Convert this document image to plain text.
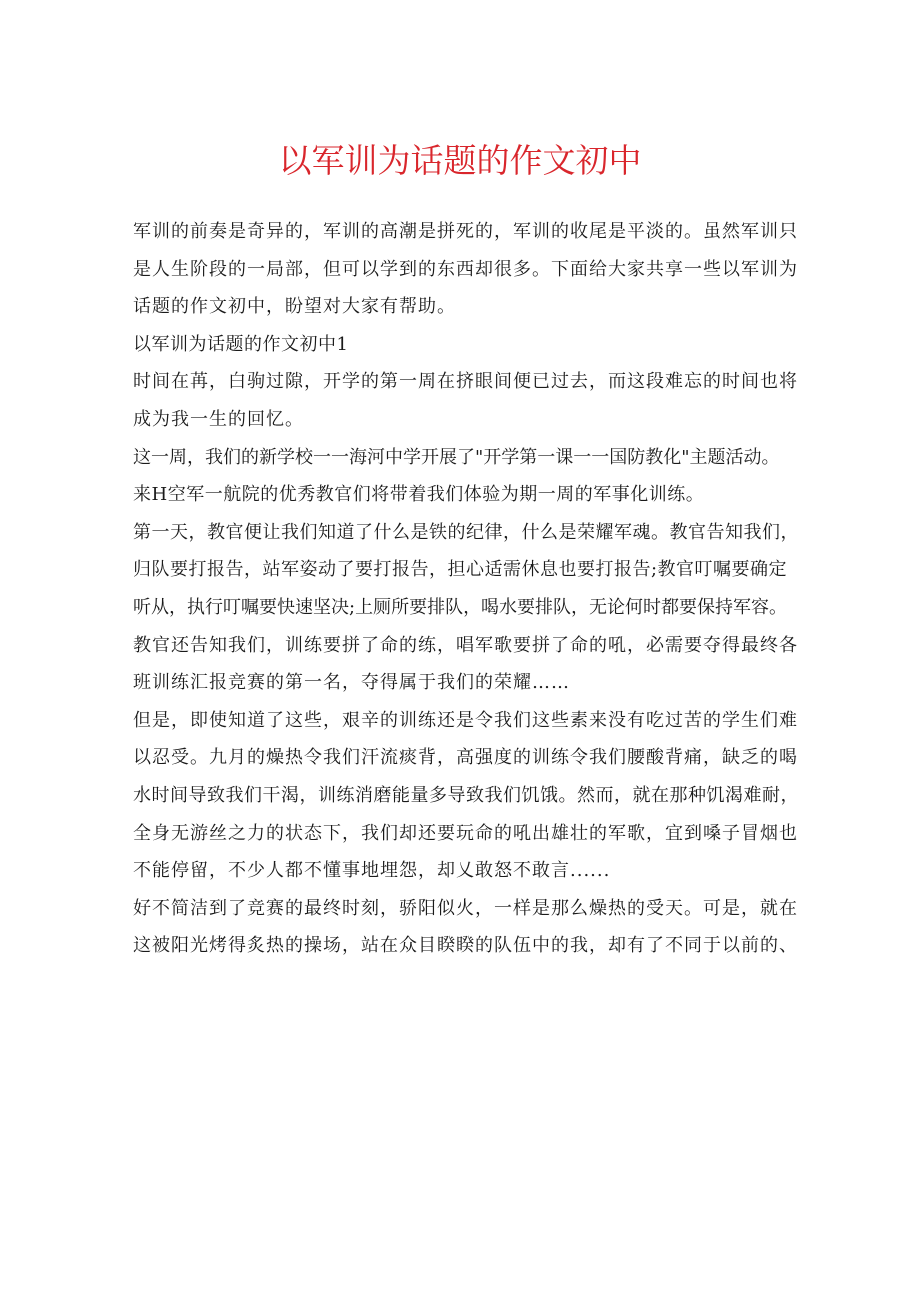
以军训为话题的作文初中

军训的前奏是奇异的，军训的高潮是拼死的，军训的收尾是平淡的。虽然军训只

是人生阶段的一局部，但可以学到的东西却很多。下面给大家共享一些以军训为

话题的作文初中，盼望对大家有帮助。

以军训为话题的作文初中1

时间在苒，白驹过隙，开学的第一周在挤眼间便已过去，而这段难忘的时间也将

成为我一生的回忆。

这一周，我们的新学校一一海河中学开展了"开学第一课一一国防教化"主题活动。

来H空军一航院的优秀教官们将带着我们体验为期一周的军事化训练。

第一天，教官便让我们知道了什么是铁的纪律，什么是荣耀军魂。教官告知我们，

归队要打报告，站军姿动了要打报告，担心适需休息也要打报告;教官叮嘱要确定

听从，执行叮嘱要快速坚决;上厕所要排队，喝水要排队，无论何时都要保持军容。

教官还告知我们，训练要拼了命的练，唱军歌要拼了命的吼，必需要夺得最终各

班训练汇报竞赛的第一名，夺得属于我们的荣耀……

但是，即使知道了这些，艰辛的训练还是令我们这些素来没有吃过苦的学生们难

以忍受。九月的燥热令我们汗流痰背，高强度的训练令我们腰酸背痛，缺乏的喝

水时间导致我们干渴，训练消磨能量多导致我们饥饿。然而，就在那种饥渴难耐，

全身无游丝之力的状态下，我们却还要玩命的吼出雄壮的军歌，宜到嗓子冒烟也

不能停留，不少人都不懂事地埋怨，却乂敢怒不敢言......

好不简洁到了竞赛的最终时刻，骄阳似火，一样是那么燥热的受天。可是，就在

这被阳光烤得炙热的操场，站在众目睽睽的队伍中的我，却有了不同于以前的、
